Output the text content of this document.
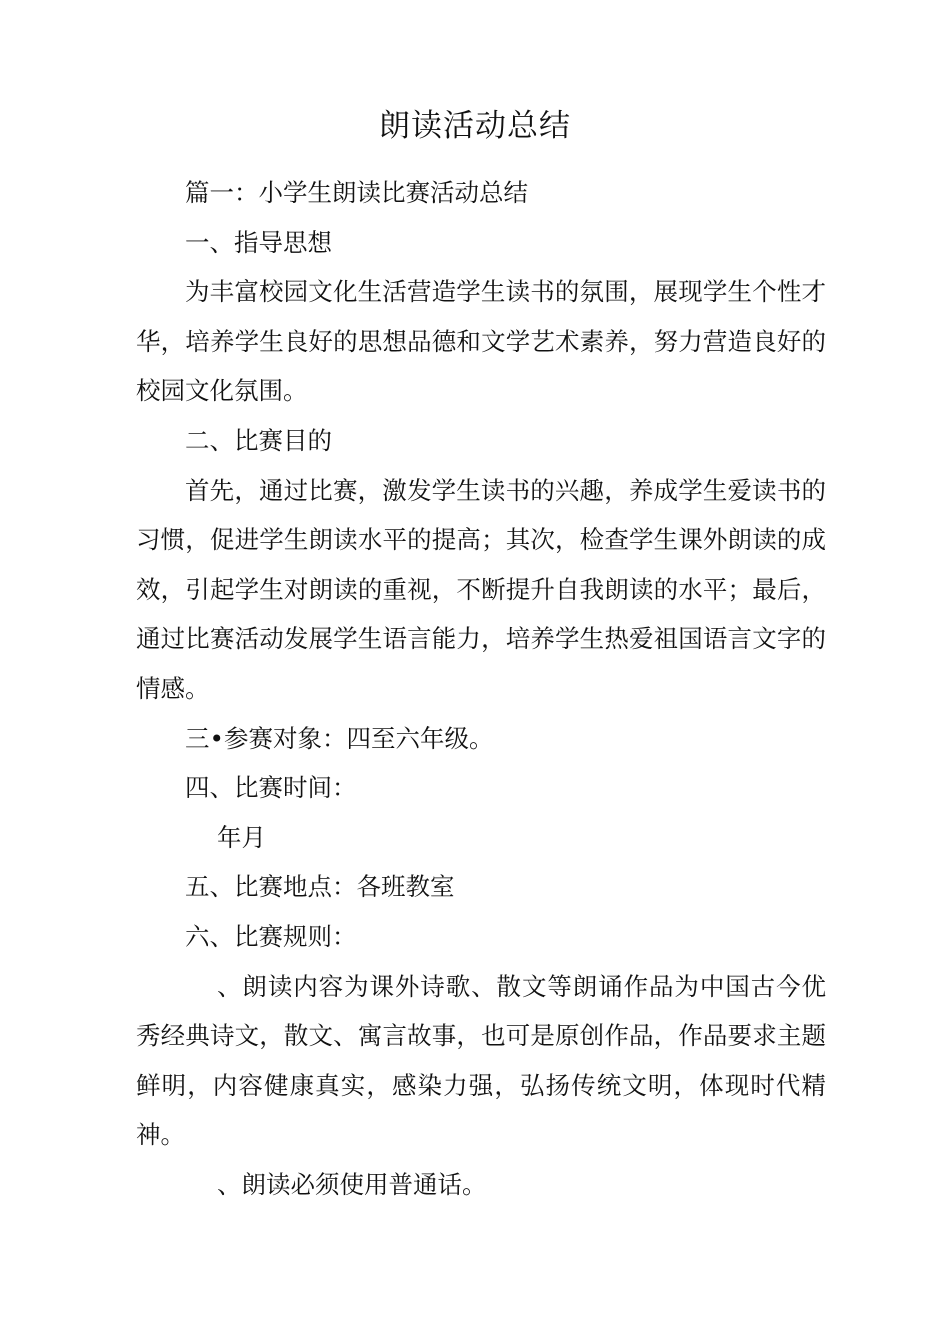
朗读活动总结

篇一：小学生朗读比赛活动总结

一、指导思想

为丰富校园文化生活营造学生读书的氛围，展现学生个性才华，培养学生良好的思想品德和文学艺术素养，努力营造良好的校园文化氛围。

二、比赛目的

首先，通过比赛，激发学生读书的兴趣，养成学生爱读书的习惯，促进学生朗读水平的提高；其次，检查学生课外朗读的成效，引起学生对朗读的重视，不断提升自我朗读的水平；最后，通过比赛活动发展学生语言能力，培养学生热爱祖国语言文字的情感。

三•参赛对象：四至六年级。

四、比赛时间：

年月

五、比赛地点：各班教室

六、比赛规则：

、朗读内容为课外诗歌、散文等朗诵作品为中国古今优秀经典诗文，散文、寓言故事，也可是原创作品，作品要求主题鲜明，内容健康真实，感染力强，弘扬传统文明，体现时代精神。

、朗读必须使用普通话。
